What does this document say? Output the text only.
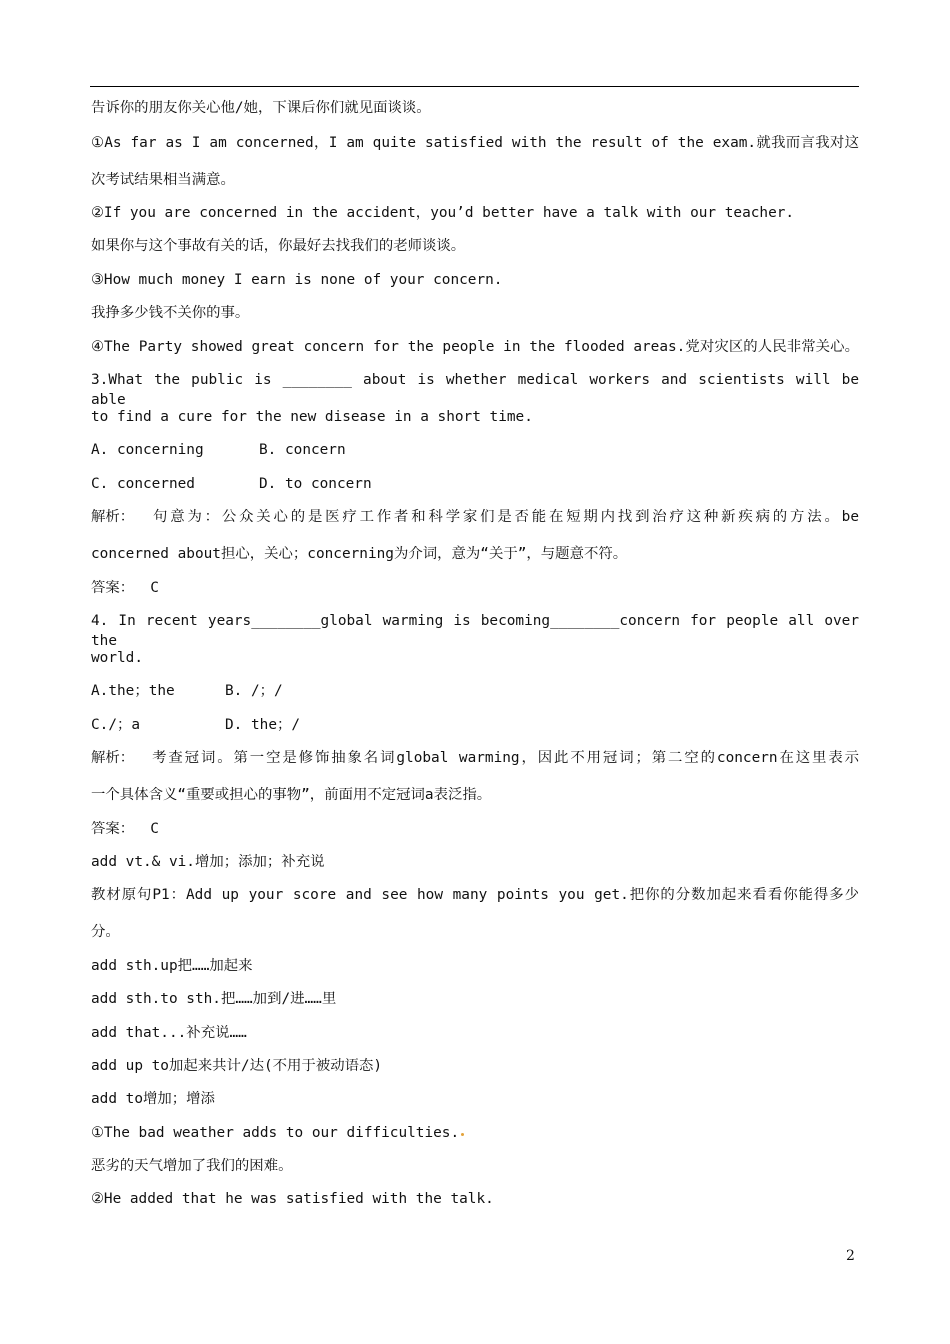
告诉你的朋友你关心他/她，下课后你们就见面谈谈。
①As far as I am concerned，I am quite satisfied with the result of the exam.就我而言我对这
次考试结果相当满意。
②If you are concerned in the accident，you’d better have a talk with our teacher.
如果你与这个事故有关的话，你最好去找我们的老师谈谈。
③How much money I earn is none of your concern.
我挣多少钱不关你的事。
④The Party showed great concern for the people in the flooded areas.党对灾区的人民非常关心。
3.What the public is ________ about is whether medical workers and scientists will be able
to find a cure for the new disease in a short time.
A. concerning	B. concern
C. concerned	D. to concern
解析： 句意为：公众关心的是医疗工作者和科学家们是否能在短期内找到治疗这种新疾病的方法。be
concerned about担心，关心；concerning为介词，意为“关于”，与题意不符。
答案： C
4. In recent years________global warming is becoming________concern for people all over the
world.
A.the；the	B. /；/
C./；a	D. the；/
解析： 考查冠词。第一空是修饰抽象名词global warming，因此不用冠词；第二空的concern在这里表示
一个具体含义“重要或担心的事物”，前面用不定冠词a表泛指。
答案： C
add vt.& vi.增加；添加；补充说
教材原句P1：Add up your score and see how many points you get.把你的分数加起来看看你能得多少
分。
add sth.up把……加起来
add sth.to sth.把……加到/进……里
add that...补充说……
add up to加起来共计/达(不用于被动语态)
add to增加；增添
①The bad weather adds to our difficulties.
恶劣的天气增加了我们的困难。
②He added that he was satisfied with the talk.
2
